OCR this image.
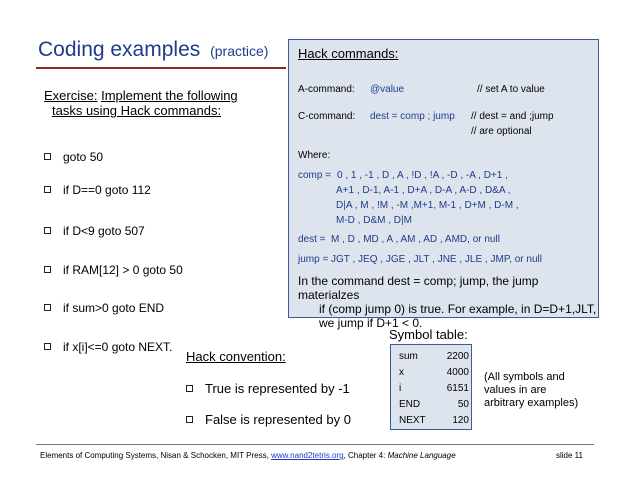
Coding examples (practice)
Exercise: Implement the following
tasks using Hack commands:
goto 50
if D==0 goto 112
if D<9 goto 507
if RAM[12] > 0 goto 50
if sum>0 goto END
if x[i]<=0 goto NEXT.
Hack commands:
A-command: @value	// set A to value
C-command: dest = comp ; jump // dest = and ;jump
// are optional
Where:
comp = 0 , 1 , -1 , D , A , !D , !A , -D , -A , D+1 ,
A+1 , D-1, A-1 , D+A , D-A , A-D , D&A ,
D|A , M , !M , -M ,M+1, M-1 , D+M , D-M ,
M-D , D&M , D|M
dest = M , D , MD , A , AM , AD , AMD, or null
jump = JGT , JEQ , JGE , JLT , JNE , JLE , JMP, or null
In the command dest = comp; jump, the jump materialzes
if (comp jump 0) is true. For example, in D=D+1,JLT,
we jump if D+1 < 0.
Hack convention:
True is represented by -1
False is represented by 0
Symbol table:
sum	2200
x	4000
i	6151
END	50
NEXT	120
(All symbols and
values in are
arbitrary examples)
Elements of Computing Systems, Nisan & Schocken, MIT Press, www.nand2tetris.org, Chapter 4: Machine Language	slide 11
